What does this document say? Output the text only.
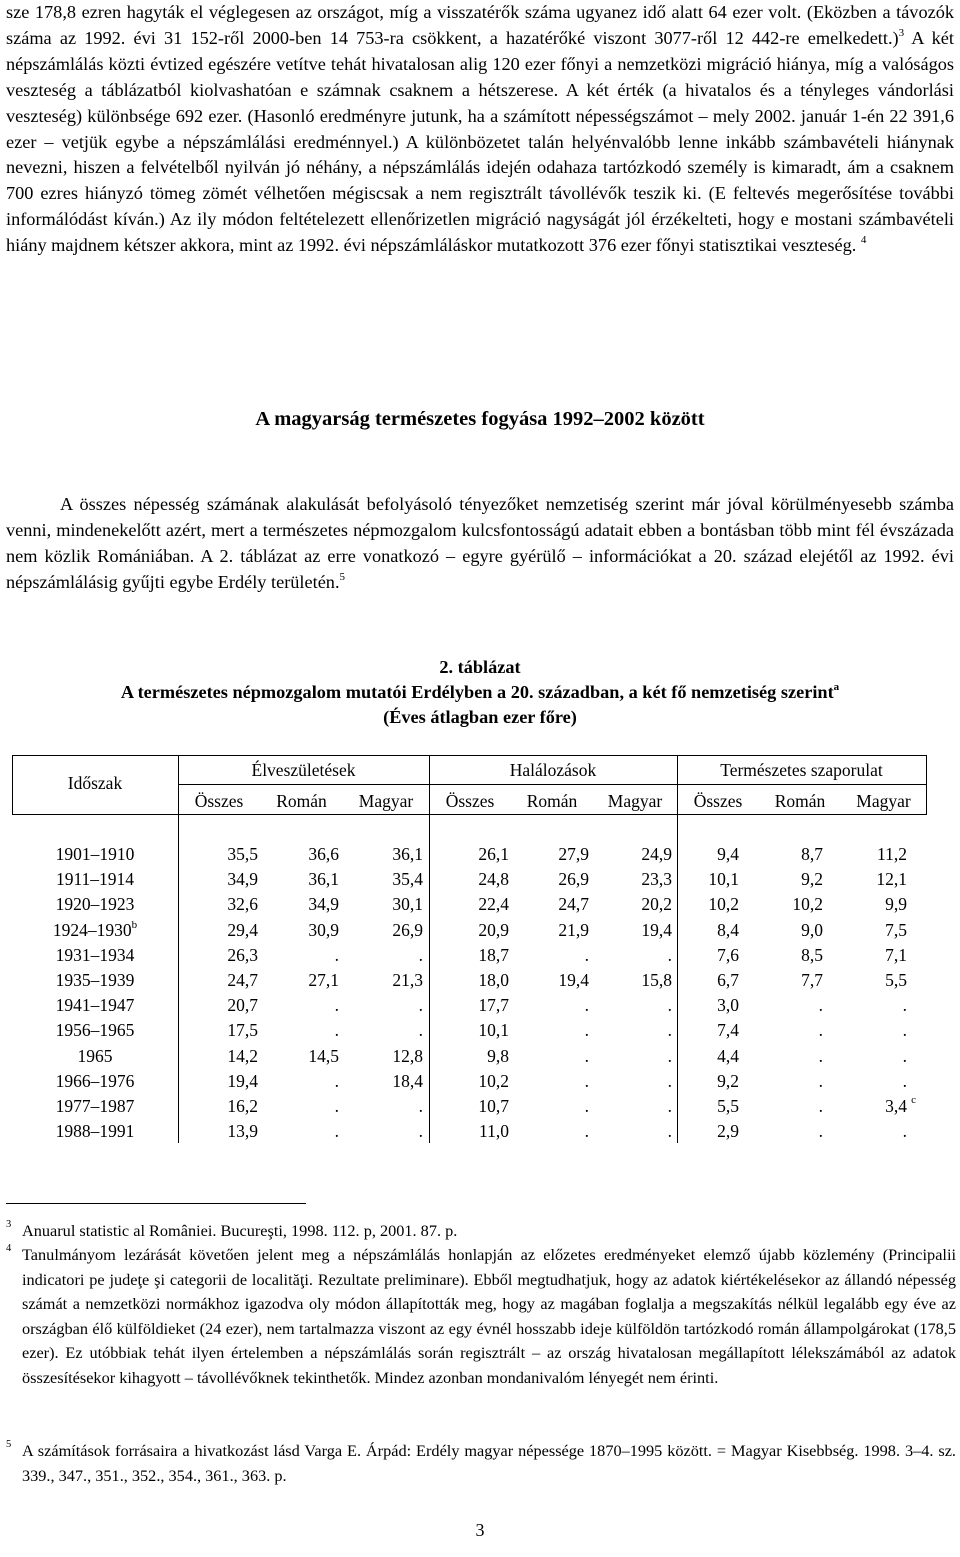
sze 178,8 ezren hagyták el véglegesen az országot, míg a visszatérők száma ugyanez idő alatt 64 ezer volt. (Eközben a távozók száma az 1992. évi 31 152-ről 2000-ben 14 753-ra csökkent, a hazatérőké viszont 3077-ről 12 442-re emelkedett.)$^3$ A két népszámlálás közti évtized egészére vetítve tehát hivatalosan alig 120 ezer főnyi a nemzetközi migráció hiánya, míg a valóságos veszteség a táblázatból kiolvashatóan e számnak csaknem a hétszerese. A két érték (a hivatalos és a tényleges vándorlási veszteség) különbsége 692 ezer. (Hasonló eredményre jutunk, ha a számított népességszámot – mely 2002. január 1-én 22 391,6 ezer – vetjük egybe a népszámlálási eredménnyel.) A különbözetet talán helyénvalóbb lenne inkább számbavételi hiánynak nevezni, hiszen a felvételből nyilván jó néhány, a népszámlálás idején odahaza tartózkodó személy is kimaradt, ám a csaknem 700 ezres hiányzó tömeg zömét vélhetően mégiscsak a nem regisztrált távollévők teszik ki. (E feltevés megerősítése további informálódást kíván.) Az ily módon feltételezett ellenőrizetlen migráció nagyságát jól érzékelteti, hogy e mostani számbavételi hiány majdnem kétszer akkora, mint az 1992. évi népszámláláskor mutatkozott 376 ezer főnyi statisztikai veszteség. $^4$

A magyarság természetes fogyása 1992–2002 között

A összes népesség számának alakulását befolyásoló tényezőket nemzetiség szerint már jóval körülményesebb számba venni, mindenekelőtt azért, mert a természetes népmozgalom kulcsfontosságú adatait ebben a bontásban több mint fél évszázada nem közlik Romániában. A 2. táblázat az erre vonatkozó – egyre gyérülő – információkat a 20. század elejétől az 1992. évi népszámlálásig gyűjti egybe Erdély területén.$^5$

2. táblázat

A természetes népmozgalom mutatói Erdélyben a 20. században, a két fő nemzetiség szerint$^a$

(Éves átlagban ezer főre)

Időszak
Élveszületések	Halálozások	Természetes szaporulat
Összes	Román	Magyar	Összes	Román	Magyar	Összes	Román	Magyar
1901–1910	35,5	36,6	36,1	26,1	27,9	24,9	9,4	8,7	11,2
1911–1914	34,9	36,1	35,4	24,8	26,9	23,3	10,1	9,2	12,1
1920–1923	32,6	34,9	30,1	22,4	24,7	20,2	10,2	10,2	9,9
1924–1930$^b$	29,4	30,9	26,9	20,9	21,9	19,4	8,4	9,0	7,5
1931–1934	26,3	.	.	18,7	.	.	7,6	8,5	7,1
1935–1939	24,7	27,1	21,3	18,0	19,4	15,8	6,7	7,7	5,5
1941–1947	20,7	.	.	17,7	.	.	3,0	.	.
1956–1965	17,5	.	.	10,1	.	.	7,4	.	.
1965	14,2	14,5	12,8	9,8	.	.	4,4	.	.
1966–1976	19,4	.	18,4	10,2	.	.	9,2	.	.
1977–1987	16,2	.	.	10,7	.	.	5,5	.	3,4 c
1988–1991	13,9	.	.	11,0	.	.	2,9	.	.

3 Anuarul statistic al României. Bucureşti, 1998. 112. p, 2001. 87. p.

4 Tanulmányom lezárását követően jelent meg a népszámlálás honlapján az előzetes eredményeket elemző újabb közlemény (Principalii indicatori pe judeţe şi categorii de localităţi. Rezultate preliminare). Ebből megtudhatjuk, hogy az adatok kiértékelésekor az állandó népesség számát a nemzetközi normákhoz igazodva oly módon állapították meg, hogy az magában foglalja a megszakítás nélkül legalább egy éve az országban élő külföldieket (24 ezer), nem tartalmazza viszont az egy évnél hosszabb ideje külföldön tartózkodó román állampolgárokat (178,5 ezer). Ez utóbbiak tehát ilyen értelemben a népszámlálás során regisztrált – az ország hivatalosan megállapított lélekszámából az adatok összesítésekor kihagyott – távollévőknek tekinthetők. Mindez azonban mondanivalóm lényegét nem érinti.

5 A számítások forrásaira a hivatkozást lásd Varga E. Árpád: Erdély magyar népessége 1870–1995 között. = Magyar Kisebbség. 1998. 3–4. sz. 339., 347., 351., 352., 354., 361., 363. p.

3
